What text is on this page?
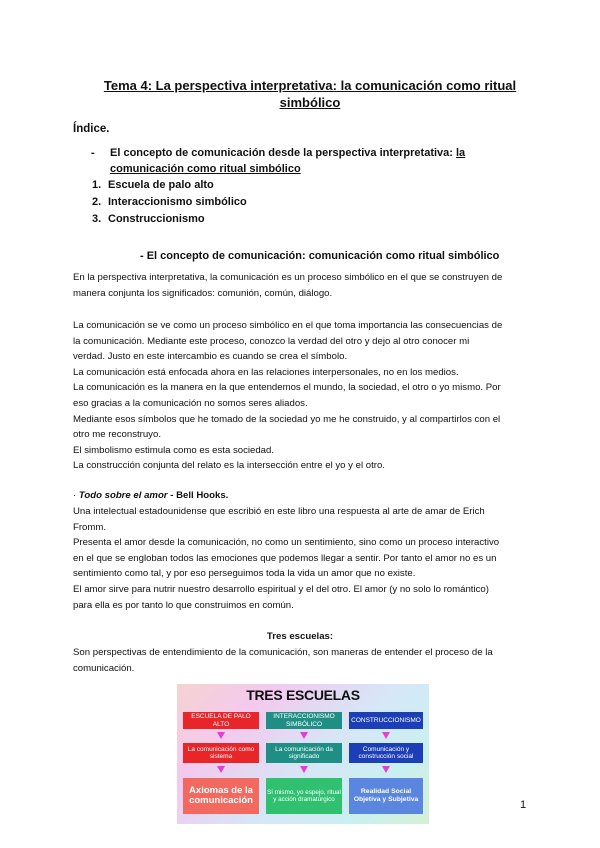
Tema 4: La perspectiva interpretativa: la comunicación como ritual
simbólico
Índice.
- El concepto de comunicación desde la perspectiva interpretativa: la comunicación como ritual simbólico
1. Escuela de palo alto
2. Interaccionismo simbólico
3. Construccionismo
- El concepto de comunicación: comunicación como ritual simbólico
En la perspectiva interpretativa, la comunicación es un proceso simbólico en el que se construyen de manera conjunta los significados: comunión, común, diálogo.
La comunicación se ve como un proceso simbólico en el que toma importancia las consecuencias de
la comunicación. Mediante este proceso, conozco la verdad del otro y dejo al otro conocer mi
verdad. Justo en este intercambio es cuando se crea el símbolo.
La comunicación está enfocada ahora en las relaciones interpersonales, no en los medios.
La comunicación es la manera en la que entendemos el mundo, la sociedad, el otro o yo mismo. Por
eso gracias a la comunicación no somos seres aliados.
Mediante esos símbolos que he tomado de la sociedad yo me he construido, y al compartirlos con el
otro me reconstruyo.
El simbolismo estimula como es esta sociedad.
La construcción conjunta del relato es la intersección entre el yo y el otro.
· Todo sobre el amor - Bell Hooks.
Una intelectual estadounidense que escribió en este libro una respuesta al arte de amar de Erich
Fromm.
Presenta el amor desde la comunicación, no como un sentimiento, sino como un proceso interactivo
en el que se engloban todos las emociones que podemos llegar a sentir. Por tanto el amor no es un
sentimiento como tal, y por eso perseguimos toda la vida un amor que no existe.
El amor sirve para nutrir nuestro desarrollo espiritual y el del otro. El amor (y no solo lo romántico)
para ella es por tanto lo que construimos en común.
Tres escuelas:
Son perspectivas de entendimiento de la comunicación, son maneras de entender el proceso de la
comunicación.
TRES ESCUELAS
ESCUELA DE PALO ALTO
INTERACCIONISMO SIMBÓLICO
CONSTRUCCIONISMO
La comunicación como sistema
La comunicación da significado
Comunicación y construcción social
Axiomas de la comunicación
Sí mismo, yo espejo, ritual y acción dramatúrgico
Realidad Social Objetiva y Subjetiva	1
